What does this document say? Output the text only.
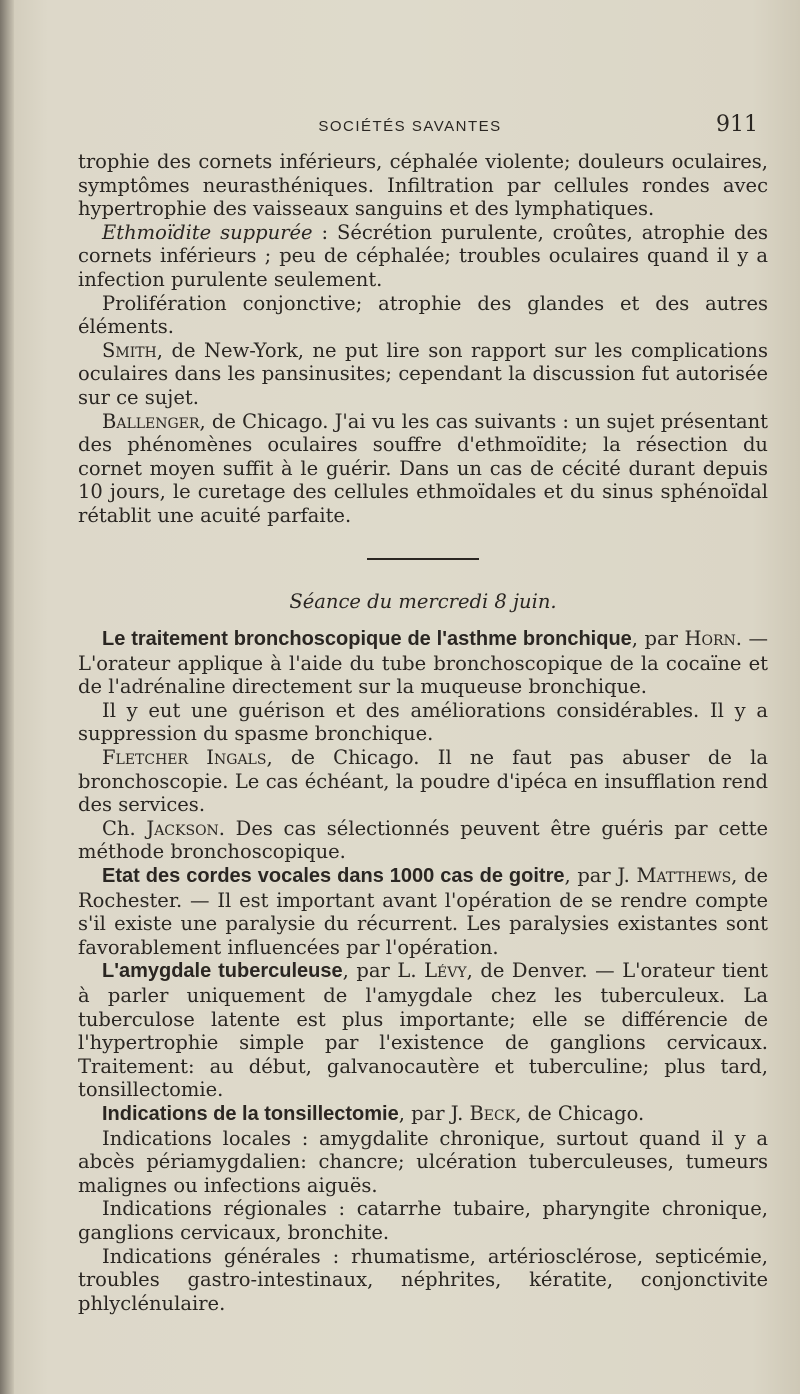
SOCIÉTÉS SAVANTES	911

trophie des cornets inférieurs, céphalée violente; douleurs oculaires, symptômes neurasthéniques. Infiltration par cellules rondes avec hypertrophie des vaisseaux sanguins et des lymphatiques.

Ethmoïdite suppurée : Sécrétion purulente, croûtes, atrophie des cornets inférieurs ; peu de céphalée; troubles oculaires quand il y a infection purulente seulement.

Prolifération conjonctive; atrophie des glandes et des autres éléments.

Smith, de New-York, ne put lire son rapport sur les complications oculaires dans les pansinusites; cependant la discussion fut autorisée sur ce sujet.

Ballenger, de Chicago. J'ai vu les cas suivants : un sujet présentant des phénomènes oculaires souffre d'ethmoïdite; la résection du cornet moyen suffit à le guérir. Dans un cas de cécité durant depuis 10 jours, le curetage des cellules ethmoïdales et du sinus sphénoïdal rétablit une acuité parfaite.

Séance du mercredi 8 juin.

Le traitement bronchoscopique de l'asthme bronchique, par Horn. — L'orateur applique à l'aide du tube bronchoscopique de la cocaïne et de l'adrénaline directement sur la muqueuse bronchique.

Il y eut une guérison et des améliorations considérables. Il y a suppression du spasme bronchique.

Fletcher Ingals, de Chicago. Il ne faut pas abuser de la bronchoscopie. Le cas échéant, la poudre d'ipéca en insufflation rend des services.

Ch. Jackson. Des cas sélectionnés peuvent être guéris par cette méthode bronchoscopique.

Etat des cordes vocales dans 1000 cas de goitre, par J. Matthews, de Rochester. — Il est important avant l'opération de se rendre compte s'il existe une paralysie du récurrent. Les paralysies existantes sont favorablement influencées par l'opération.

L'amygdale tuberculeuse, par L. Lévy, de Denver. — L'orateur tient à parler uniquement de l'amygdale chez les tuberculeux. La tuberculose latente est plus importante; elle se différencie de l'hypertrophie simple par l'existence de ganglions cervicaux. Traitement: au début, galvanocautère et tuberculine; plus tard, tonsillectomie.

Indications de la tonsillectomie, par J. Beck, de Chicago.

Indications locales : amygdalite chronique, surtout quand il y a abcès périamygdalien: chancre; ulcération tuberculeuses, tumeurs malignes ou infections aiguës.

Indications régionales : catarrhe tubaire, pharyngite chronique, ganglions cervicaux, bronchite.

Indications générales : rhumatisme, artériosclérose, septicémie, troubles gastro-intestinaux, néphrites, kératite, conjonctivite phlyclénulaire.
